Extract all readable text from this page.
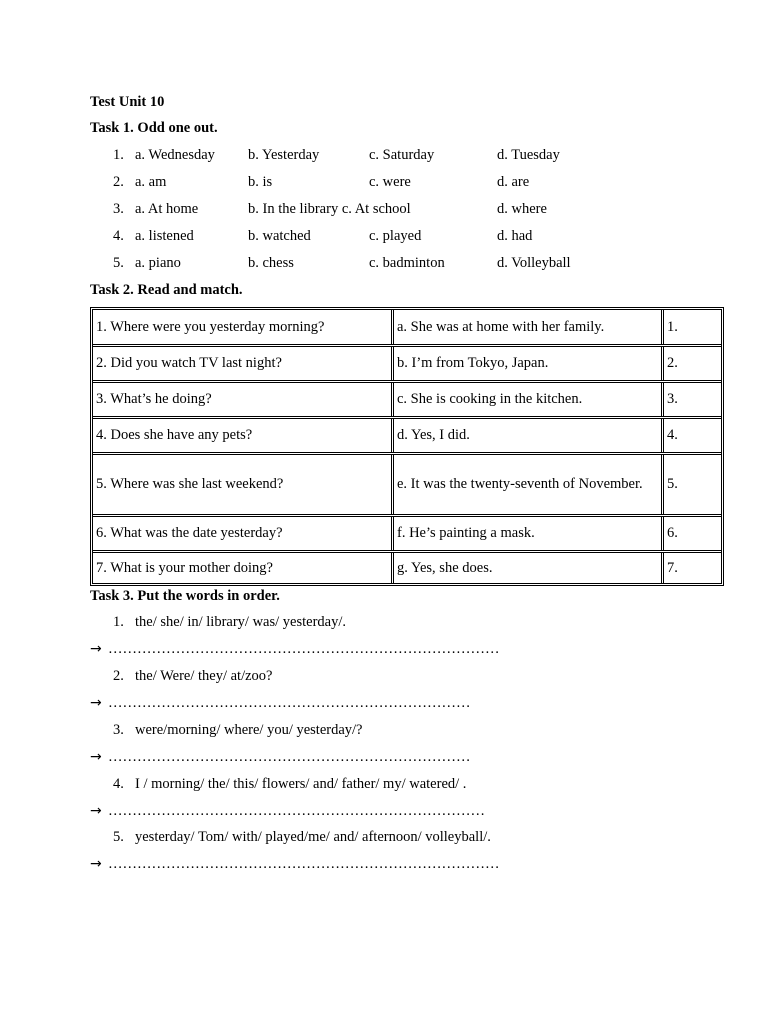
Test Unit 10
Task 1. Odd one out.
1. a. Wednesday b. Yesterday	c. Saturday	d. Tuesday
2. a. am	b. is	c. were	d. are
3. a. At home	b. In the library c. At school	d. where
4. a. listened	b. watched	c. played	d. had
5. a. piano	b. chess	c. badminton	d. Volleyball
Task 2. Read and match.
1. Where were you yesterday morning?	a. She was at home with her family.	1.
2. Did you watch TV last night?	b. I’m from Tokyo, Japan.	2.
3. What’s he doing?	c. She is cooking in the kitchen.	3.
4. Does she have any pets?	d. Yes, I did.	4.
5. Where was she last weekend?	e. It was the twenty-seventh of November.	5.
6. What was the date yesterday?	f. He’s painting a mask.	6.
7. What is your mother doing?	g. Yes, she does.	7.
Task 3. Put the words in order.
1. the/ she/ in/ library/ was/ yesterday/.
→ ………………………………………………………………………
2. the/ Were/ they/ at/zoo?
→ …………………………………………………………………
3. were/morning/ where/ you/ yesterday/?
→ …………………………………………………………………
4. I / morning/ the/ this/ flowers/ and/ father/ my/ watered/ .
→ ……………………………………………………………………
5. yesterday/ Tom/ with/ played/me/ and/ afternoon/ volleyball/.
→ ………………………………………………………………………
